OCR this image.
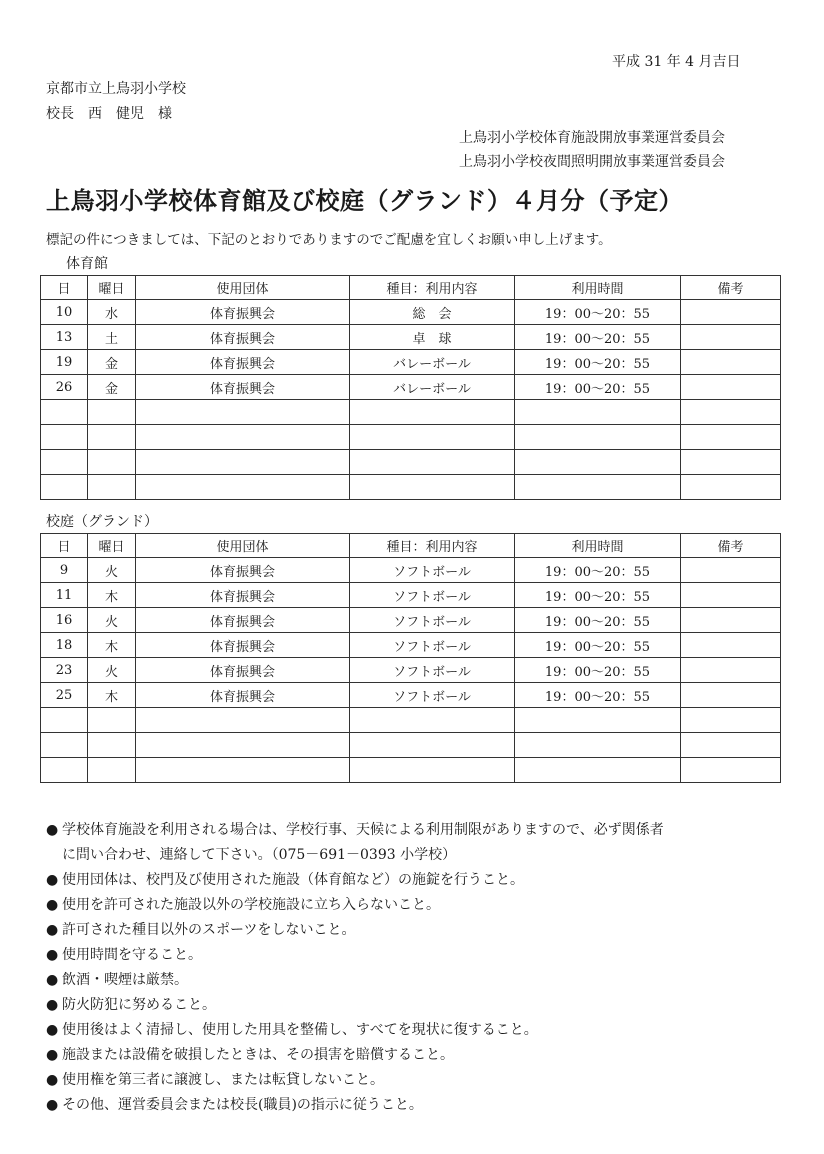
平成 31 年 4 月吉日
京都市立上鳥羽小学校
校長　西　健児　様
上鳥羽小学校体育施設開放事業運営委員会
上鳥羽小学校夜間照明開放事業運営委員会
上鳥羽小学校体育館及び校庭（グランド）４月分（予定）
標記の件につきましては、下記のとおりでありますのでご配慮を宜しくお願い申し上げます。
体育館
日	曜日	使用団体	種目：利用内容	利用時間	備考
10	水	体育振興会	総　会	19：00〜20：55	
13	土	体育振興会	卓　球	19：00〜20：55	
19	金	体育振興会	バレーボール	19：00〜20：55	
26	金	体育振興会	バレーボール	19：00〜20：55	

校庭（グランド）
日	曜日	使用団体	種目：利用内容	利用時間	備考
9	火	体育振興会	ソフトボール	19：00〜20：55	
11	木	体育振興会	ソフトボール	19：00〜20：55	
16	火	体育振興会	ソフトボール	19：00〜20：55	
18	木	体育振興会	ソフトボール	19：00〜20：55	
23	火	体育振興会	ソフトボール	19：00〜20：55	
25	木	体育振興会	ソフトボール	19：00〜20：55	

● 学校体育施設を利用される場合は、学校行事、天候による利用制限がありますので、必ず関係者
に問い合わせ、連絡して下さい。（075－691－0393 小学校）
● 使用団体は、校門及び使用された施設（体育館など）の施錠を行うこと。
● 使用を許可された施設以外の学校施設に立ち入らないこと。
● 許可された種目以外のスポーツをしないこと。
● 使用時間を守ること。
● 飲酒・喫煙は厳禁。
● 防火防犯に努めること。
● 使用後はよく清掃し、使用した用具を整備し、すべてを現状に復すること。
● 施設または設備を破損したときは、その損害を賠償すること。
● 使用権を第三者に譲渡し、または転貸しないこと。
● その他、運営委員会または校長(職員)の指示に従うこと。
